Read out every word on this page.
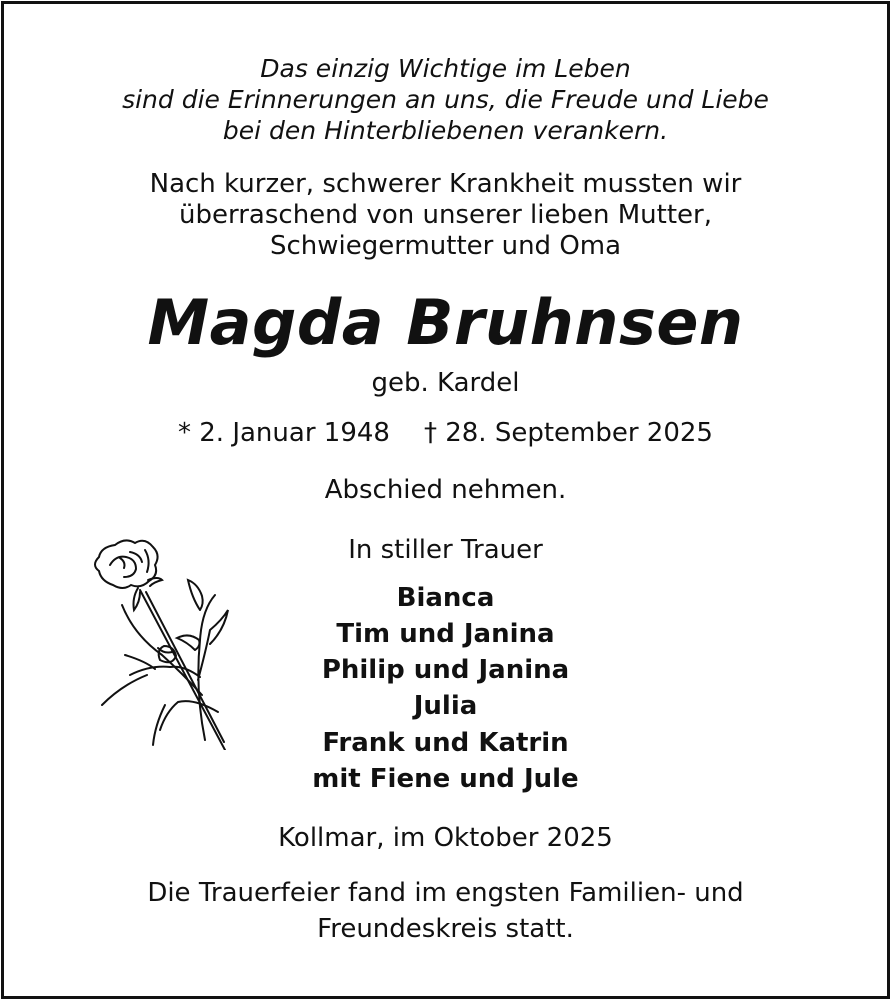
Das einzig Wichtige im Leben
sind die Erinnerungen an uns, die Freude und Liebe
bei den Hinterbliebenen verankern.
Nach kurzer, schwerer Krankheit mussten wir
überraschend von unserer lieben Mutter,
Schwiegermutter und Oma
Magda Bruhnsen
geb. Kardel
* 2. Januar 1948 † 28. September 2025
Abschied nehmen.
In stiller Trauer
Bianca
Tim und Janina
Philip und Janina
Julia
Frank und Katrin
mit Fiene und Jule
Kollmar, im Oktober 2025
Die Trauerfeier fand im engsten Familien- und
Freundeskreis statt.
